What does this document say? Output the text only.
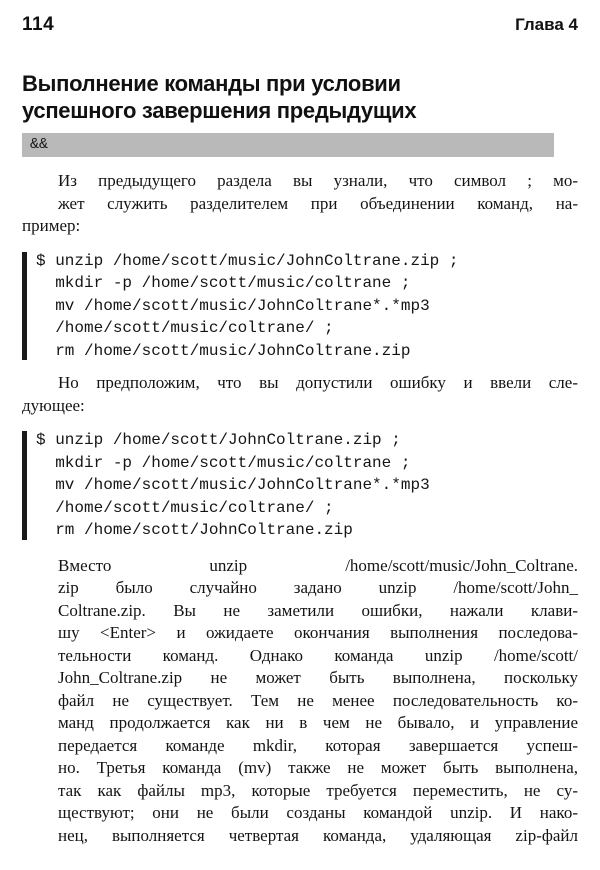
114	Глава 4
Выполнение команды при условии
успешного завершения предыдущих
&&

Из предыдущего раздела вы узнали, что символ ; мо-
жет служить разделителем при объединении команд, на-
пример:

$ unzip /home/scott/music/JohnColtrane.zip ;
mkdir -p /home/scott/music/coltrane ;
mv /home/scott/music/JohnColtrane*.*mp3
/home/scott/music/coltrane/ ;
rm /home/scott/music/JohnColtrane.zip

Но предположим, что вы допустили ошибку и ввели сле-
дующее:

$ unzip /home/scott/JohnColtrane.zip ;
mkdir -p /home/scott/music/coltrane ;
mv /home/scott/music/JohnColtrane*.*mp3
/home/scott/music/coltrane/ ;
rm /home/scott/JohnColtrane.zip

Вместо unzip /home/scott/music/John_Coltrane.
zip было случайно задано unzip /home/scott/John_
Coltrane.zip. Вы не заметили ошибки, нажали клави-
шу <Enter> и ожидаете окончания выполнения последова-
тельности команд. Однако команда unzip /home/scott/
John_Coltrane.zip не может быть выполнена, поскольку
файл не существует. Тем не менее последовательность ко-
манд продолжается как ни в чем не бывало, и управление
передается команде mkdir, которая завершается успеш-
но. Третья команда (mv) также не может быть выполнена,
так как файлы mp3, которые требуется переместить, не су-
ществуют; они не были созданы командой unzip. И нако-
нец, выполняется четвертая команда, удаляющая zip-файл
